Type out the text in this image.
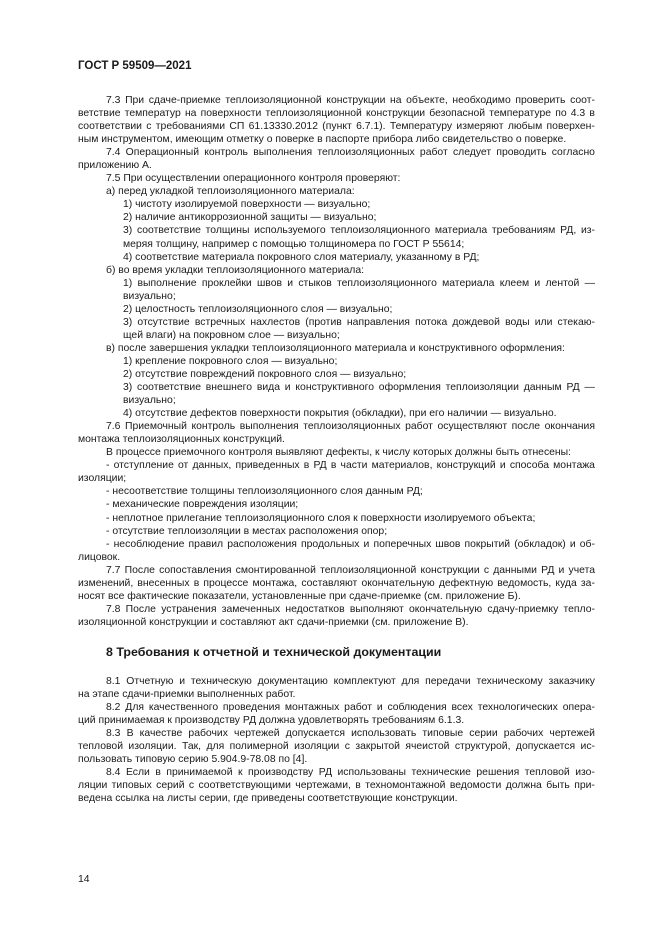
ГОСТ Р 59509—2021
7.3 При сдаче-приемке теплоизоляционной конструкции на объекте, необходимо проверить соот-
ветствие температур на поверхности теплоизоляционной конструкции безопасной температуре по 4.3 в
соответствии с требованиями СП 61.13330.2012 (пункт 6.7.1). Температуру измеряют любым поверхен-
ным инструментом, имеющим отметку о поверке в паспорте прибора либо свидетельство о поверке.
7.4 Операционный контроль выполнения теплоизоляционных работ следует проводить согласно
приложению А.
7.5 При осуществлении операционного контроля проверяют:
а) перед укладкой теплоизоляционного материала:
1) чистоту изолируемой поверхности — визуально;
2) наличие антикоррозионной защиты — визуально;
3) соответствие толщины используемого теплоизоляционного материала требованиям РД, из-
меряя толщину, например с помощью толщиномера по ГОСТ Р 55614;
4) соответствие материала покровного слоя материалу, указанному в РД;
б) во время укладки теплоизоляционного материала:
1) выполнение проклейки швов и стыков теплоизоляционного материала клеем и лентой —
визуально;
2) целостность теплоизоляционного слоя — визуально;
3) отсутствие встречных нахлестов (против направления потока дождевой воды или стекаю-
щей влаги) на покровном слое — визуально;
в) после завершения укладки теплоизоляционного материала и конструктивного оформления:
1) крепление покровного слоя — визуально;
2) отсутствие повреждений покровного слоя — визуально;
3) соответствие внешнего вида и конструктивного оформления теплоизоляции данным РД —
визуально;
4) отсутствие дефектов поверхности покрытия (обкладки), при его наличии — визуально.
7.6 Приемочный контроль выполнения теплоизоляционных работ осуществляют после окончания
монтажа теплоизоляционных конструкций.
В процессе приемочного контроля выявляют дефекты, к числу которых должны быть отнесены:
- отступление от данных, приведенных в РД в части материалов, конструкций и способа монтажа
изоляции;
- несоответствие толщины теплоизоляционного слоя данным РД;
- механические повреждения изоляции;
- неплотное прилегание теплоизоляционного слоя к поверхности изолируемого объекта;
- отсутствие теплоизоляции в местах расположения опор;
- несоблюдение правил расположения продольных и поперечных швов покрытий (обкладок) и об-
лицовок.
7.7 После сопоставления смонтированной теплоизоляционной конструкции с данными РД и учета
изменений, внесенных в процессе монтажа, составляют окончательную дефектную ведомость, куда за-
носят все фактические показатели, установленные при сдаче-приемке (см. приложение Б).
7.8 После устранения замеченных недостатков выполняют окончательную сдачу-приемку тепло-
изоляционной конструкции и составляют акт сдачи-приемки (см. приложение В).
8 Требования к отчетной и технической документации
8.1 Отчетную и техническую документацию комплектуют для передачи техническому заказчику
на этапе сдачи-приемки выполненных работ.
8.2 Для качественного проведения монтажных работ и соблюдения всех технологических опера-
ций принимаемая к производству РД должна удовлетворять требованиям 6.1.3.
8.3 В качестве рабочих чертежей допускается использовать типовые серии рабочих чертежей
тепловой изоляции. Так, для полимерной изоляции с закрытой ячеистой структурой, допускается ис-
пользовать типовую серию 5.904.9-78.08 по [4].
8.4 Если в принимаемой к производству РД использованы технические решения тепловой изо-
ляции типовых серий с соответствующими чертежами, в техномонтажной ведомости должна быть при-
ведена ссылка на листы серии, где приведены соответствующие конструкции.
14
